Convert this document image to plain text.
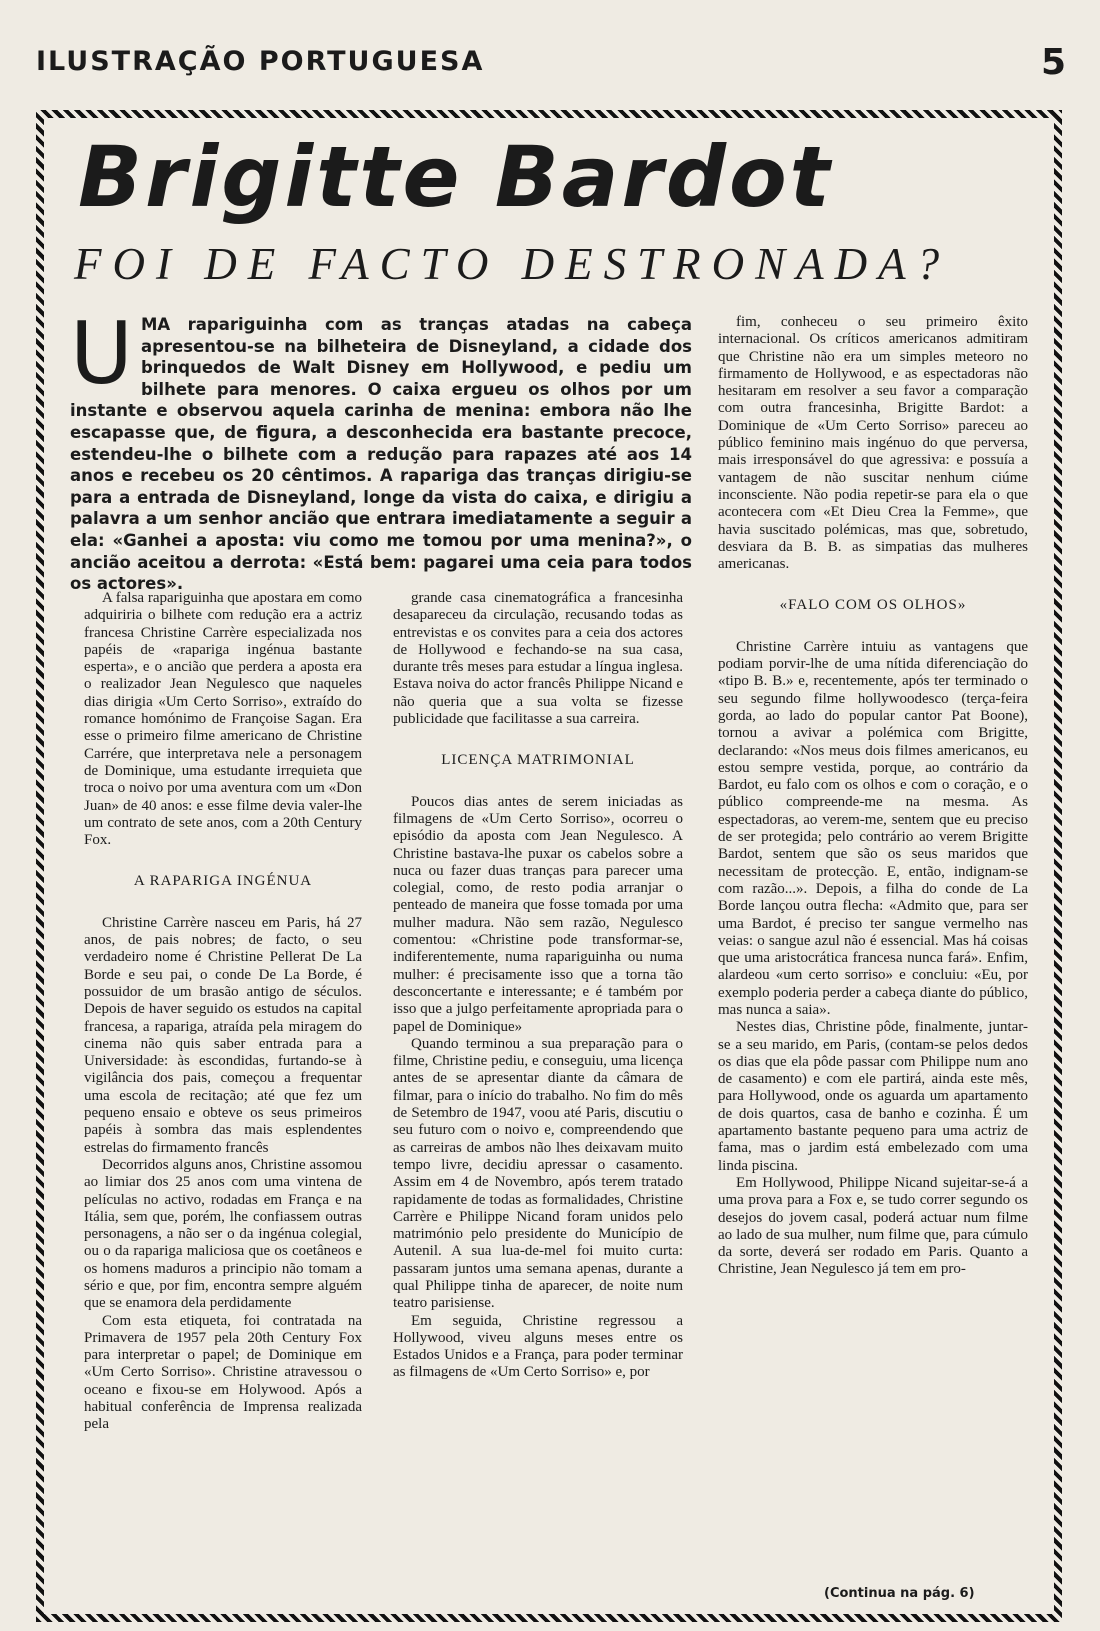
ILUSTRAÇÃO PORTUGUESA	5
Brigitte Bardot
FOI DE FACTO DESTRONADA?
UMA rapariguinha com as tranças atadas na cabeça apresentou-se na bilheteira de Disneyland, a cidade dos brinquedos de Walt Disney em Hollywood, e pediu um bilhete para menores. O caixa ergueu os olhos por um instante e observou aquela carinha de menina: embora não lhe escapasse que, de figura, a desconhecida era bastante precoce, estendeu-lhe o bilhete com a redução para rapazes até aos 14 anos e recebeu os 20 cêntimos. A rapariga das tranças dirigiu-se para a entrada de Disneyland, longe da vista do caixa, e dirigiu a palavra a um senhor ancião que entrara imediatamente a seguir a ela: «Ganhei a aposta: viu como me tomou por uma menina?», o ancião aceitou a derrota: «Está bem: pagarei uma ceia para todos os actores».

A falsa rapariguinha que apostara em como adquiriria o bilhete com redução era a actriz francesa Christine Carrère especializada nos papéis de «rapariga ingénua bastante esperta», e o ancião que perdera a aposta era o realizador Jean Negulesco que naqueles dias dirigia «Um Certo Sorriso», extraído do romance homónimo de Françoise Sagan. Era esse o primeiro filme americano de Christine Carrére, que interpretava nele a personagem de Dominique, uma estudante irrequieta que troca o noivo por uma aventura com um «Don Juan» de 40 anos: e esse filme devia valer-lhe um contrato de sete anos, com a 20th Century Fox.

A RAPARIGA INGÉNUA

Christine Carrère nasceu em Paris, há 27 anos, de pais nobres; de facto, o seu verdadeiro nome é Christine Pellerat De La Borde e seu pai, o conde De La Borde, é possuidor de um brasão antigo de séculos. Depois de haver seguido os estudos na capital francesa, a rapariga, atraída pela miragem do cinema não quis saber entrada para a Universidade: às escondidas, furtando-se à vigilância dos pais, começou a frequentar uma escola de recitação; até que fez um pequeno ensaio e obteve os seus primeiros papéis à sombra das mais esplendentes estrelas do firmamento francês

Decorridos alguns anos, Christine assomou ao limiar dos 25 anos com uma vintena de películas no activo, rodadas em França e na Itália, sem que, porém, lhe confiassem outras personagens, a não ser o da ingénua colegial, ou o da rapariga maliciosa que os coetâneos e os homens maduros a principio não tomam a sério e que, por fim, encontra sempre alguém que se enamora dela perdidamente

Com esta etiqueta, foi contratada na Primavera de 1957 pela 20th Century Fox para interpretar o papel; de Dominique em «Um Certo Sorriso». Christine atravessou o oceano e fixou-se em Holywood. Após a habitual conferência de Imprensa realizada pela

grande casa cinematográfica a francesinha desapareceu da circulação, recusando todas as entrevistas e os convites para a ceia dos actores de Hollywood e fechando-se na sua casa, durante três meses para estudar a língua inglesa. Estava noiva do actor francês Philippe Nicand e não queria que a sua volta se fizesse publicidade que facilitasse a sua carreira.

LICENÇA MATRIMONIAL

Poucos dias antes de serem iniciadas as filmagens de «Um Certo Sorriso», ocorreu o episódio da aposta com Jean Negulesco. A Christine bastava-lhe puxar os cabelos sobre a nuca ou fazer duas tranças para parecer uma colegial, como, de resto podia arranjar o penteado de maneira que fosse tomada por uma mulher madura. Não sem razão, Negulesco comentou: «Christine pode transformar-se, indiferentemente, numa rapariguinha ou numa mulher: é precisamente isso que a torna tão desconcertante e interessante; e é também por isso que a julgo perfeitamente apropriada para o papel de Dominique»

Quando terminou a sua preparação para o filme, Christine pediu, e conseguiu, uma licença antes de se apresentar diante da câmara de filmar, para o início do trabalho. No fim do mês de Setembro de 1947, voou até Paris, discutiu o seu futuro com o noivo e, compreendendo que as carreiras de ambos não lhes deixavam muito tempo livre, decidiu apressar o casamento. Assim em 4 de Novembro, após terem tratado rapidamente de todas as formalidades, Christine Carrère e Philippe Nicand foram unidos pelo matrimónio pelo presidente do Município de Autenil. A sua lua-de-mel foi muito curta: passaram juntos uma semana apenas, durante a qual Philippe tinha de aparecer, de noite num teatro parisiense.

Em seguida, Christine regressou a Hollywood, viveu alguns meses entre os Estados Unidos e a França, para poder terminar as filmagens de «Um Certo Sorriso» e, por

fim, conheceu o seu primeiro êxito internacional. Os críticos americanos admitiram que Christine não era um simples meteoro no firmamento de Hollywood, e as espectadoras não hesitaram em resolver a seu favor a comparação com outra francesinha, Brigitte Bardot: a Dominique de «Um Certo Sorriso» pareceu ao público feminino mais ingénuo do que perversa, mais irresponsável do que agressiva: e possuía a vantagem de não suscitar nenhum ciúme inconsciente. Não podia repetir-se para ela o que acontecera com «Et Dieu Crea la Femme», que havia suscitado polémicas, mas que, sobretudo, desviara da B. B. as simpatias das mulheres americanas.

«FALO COM OS OLHOS»

Christine Carrère intuiu as vantagens que podiam porvir-lhe de uma nítida diferenciação do «tipo B. B.» e, recentemente, após ter terminado o seu segundo filme hollywoodesco (terça-feira gorda, ao lado do popular cantor Pat Boone), tornou a avivar a polémica com Brigitte, declarando: «Nos meus dois filmes americanos, eu estou sempre vestida, porque, ao contrário da Bardot, eu falo com os olhos e com o coração, e o público compreende-me na mesma. As espectadoras, ao verem-me, sentem que eu preciso de ser protegida; pelo contrário ao verem Brigitte Bardot, sentem que são os seus maridos que necessitam de protecção. E, então, indignam-se com razão...». Depois, a filha do conde de La Borde lançou outra flecha: «Admito que, para ser uma Bardot, é preciso ter sangue vermelho nas veias: o sangue azul não é essencial. Mas há coisas que uma aristocrática francesa nunca fará». Enfim, alardeou «um certo sorriso» e concluiu: «Eu, por exemplo poderia perder a cabeça diante do público, mas nunca a saia».

Nestes dias, Christine pôde, finalmente, juntar-se a seu marido, em Paris, (contam-se pelos dedos os dias que ela pôde passar com Philippe num ano de casamento) e com ele partirá, ainda este mês, para Hollywood, onde os aguarda um apartamento de dois quartos, casa de banho e cozinha. É um apartamento bastante pequeno para uma actriz de fama, mas o jardim está embelezado com uma linda piscina.

Em Hollywood, Philippe Nicand sujeitar-se-á a uma prova para a Fox e, se tudo correr segundo os desejos do jovem casal, poderá actuar num filme ao lado de sua mulher, num filme que, para cúmulo da sorte, deverá ser rodado em Paris. Quanto a Christine, Jean Negulesco já tem em pro-

(Continua na pág. 6)
